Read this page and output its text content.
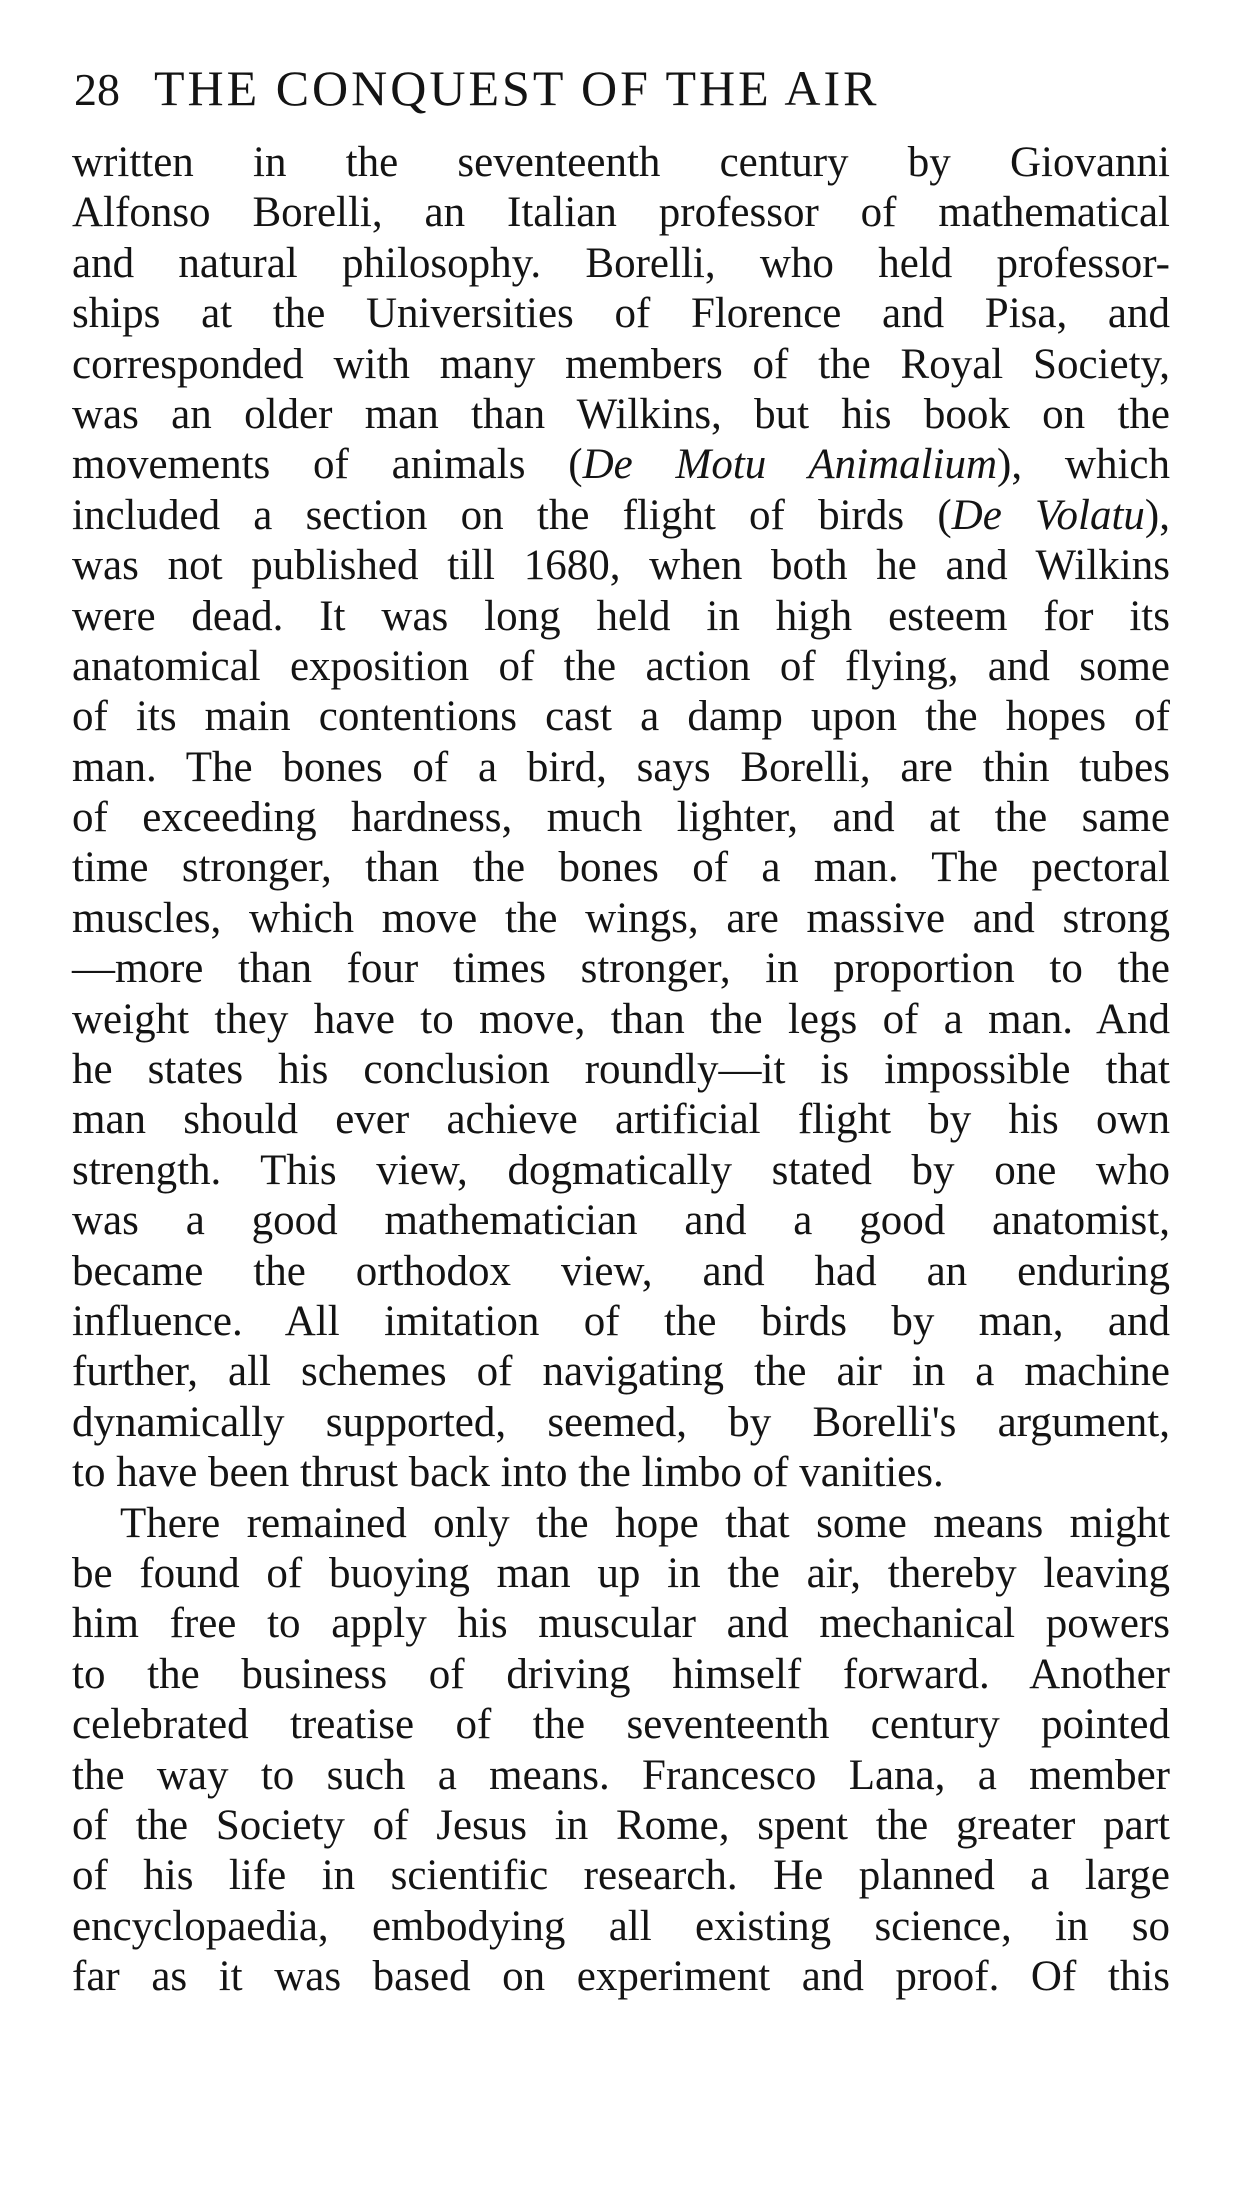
28 THE CONQUEST OF THE AIR
written in the seventeenth century by Giovanni
Alfonso Borelli, an Italian professor of mathematical
and natural philosophy. Borelli, who held professor-
ships at the Universities of Florence and Pisa, and
corresponded with many members of the Royal Society,
was an older man than Wilkins, but his book on the
movements of animals (De Motu Animalium), which
included a section on the flight of birds (De Volatu),
was not published till 1680, when both he and Wilkins
were dead. It was long held in high esteem for its
anatomical exposition of the action of flying, and some
of its main contentions cast a damp upon the hopes of
man. The bones of a bird, says Borelli, are thin tubes
of exceeding hardness, much lighter, and at the same
time stronger, than the bones of a man. The pectoral
muscles, which move the wings, are massive and strong
—more than four times stronger, in proportion to the
weight they have to move, than the legs of a man. And
he states his conclusion roundly—it is impossible that
man should ever achieve artificial flight by his own
strength. This view, dogmatically stated by one who
was a good mathematician and a good anatomist,
became the orthodox view, and had an enduring
influence. All imitation of the birds by man, and
further, all schemes of navigating the air in a machine
dynamically supported, seemed, by Borelli's argument,
to have been thrust back into the limbo of vanities.
There remained only the hope that some means might
be found of buoying man up in the air, thereby leaving
him free to apply his muscular and mechanical powers
to the business of driving himself forward. Another
celebrated treatise of the seventeenth century pointed
the way to such a means. Francesco Lana, a member
of the Society of Jesus in Rome, spent the greater part
of his life in scientific research. He planned a large
encyclopaedia, embodying all existing science, in so
far as it was based on experiment and proof. Of this
